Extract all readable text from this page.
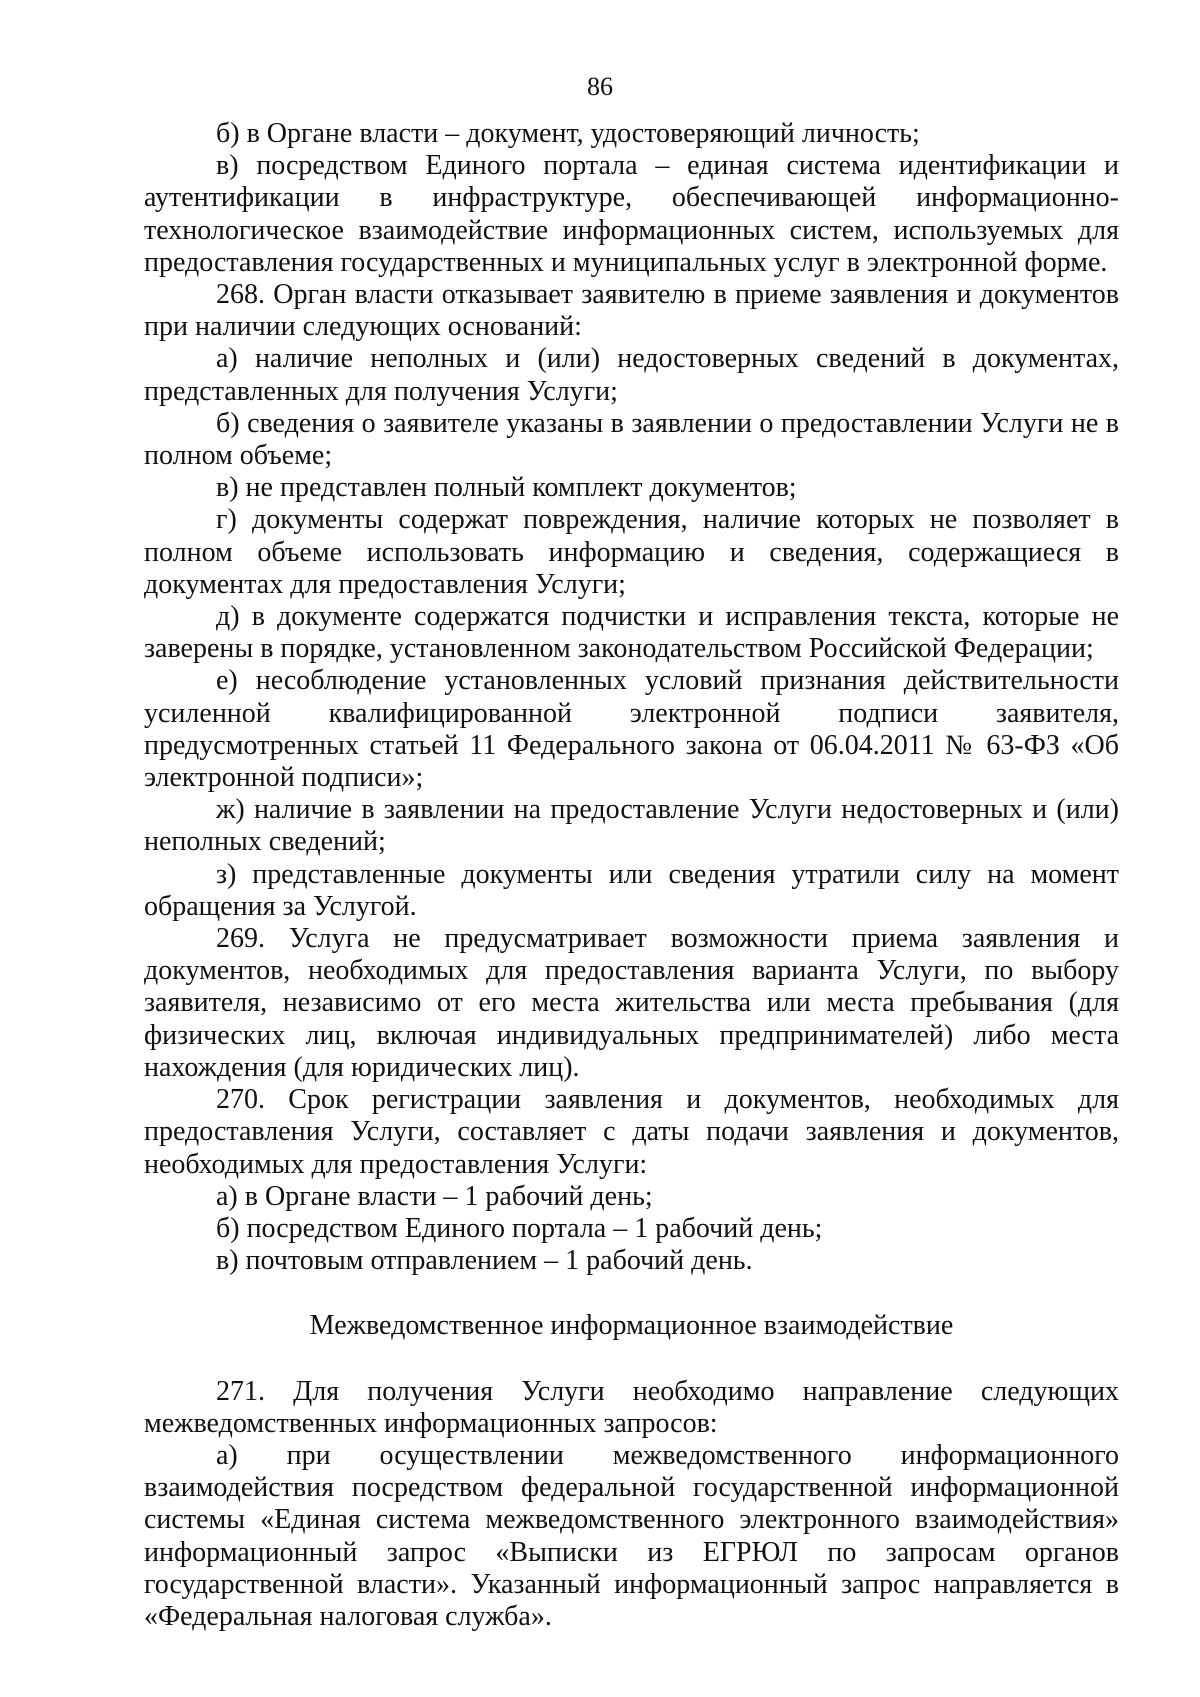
86

б) в Органе власти – документ, удостоверяющий личность;

в) посредством Единого портала – единая система идентификации и аутентификации в инфраструктуре, обеспечивающей информационно-технологическое взаимодействие информационных систем, используемых для предоставления государственных и муниципальных услуг в электронной форме.

268. Орган власти отказывает заявителю в приеме заявления и документов при наличии следующих оснований:

а) наличие неполных и (или) недостоверных сведений в документах, представленных для получения Услуги;

б) сведения о заявителе указаны в заявлении о предоставлении Услуги не в полном объеме;

в) не представлен полный комплект документов;

г) документы содержат повреждения, наличие которых не позволяет в полном объеме использовать информацию и сведения, содержащиеся в документах для предоставления Услуги;

д) в документе содержатся подчистки и исправления текста, которые не заверены в порядке, установленном законодательством Российской Федерации;

е) несоблюдение установленных условий признания действительности усиленной квалифицированной электронной подписи заявителя, предусмотренных статьей 11 Федерального закона от 06.04.2011 № 63-ФЗ «Об электронной подписи»;

ж) наличие в заявлении на предоставление Услуги недостоверных и (или) неполных сведений;

з) представленные документы или сведения утратили силу на момент обращения за Услугой.

269. Услуга не предусматривает возможности приема заявления и документов, необходимых для предоставления варианта Услуги, по выбору заявителя, независимо от его места жительства или места пребывания (для физических лиц, включая индивидуальных предпринимателей) либо места нахождения (для юридических лиц).

270. Срок регистрации заявления и документов, необходимых для предоставления Услуги, составляет с даты подачи заявления и документов, необходимых для предоставления Услуги:

а) в Органе власти – 1 рабочий день;

б) посредством Единого портала – 1 рабочий день;

в) почтовым отправлением – 1 рабочий день.

Межведомственное информационное взаимодействие

271. Для получения Услуги необходимо направление следующих межведомственных информационных запросов:

а) при осуществлении межведомственного информационного взаимодействия посредством федеральной государственной информационной системы «Единая система межведомственного электронного взаимодействия» информационный запрос «Выписки из ЕГРЮЛ по запросам органов государственной власти». Указанный информационный запрос направляется в «Федеральная налоговая служба».
